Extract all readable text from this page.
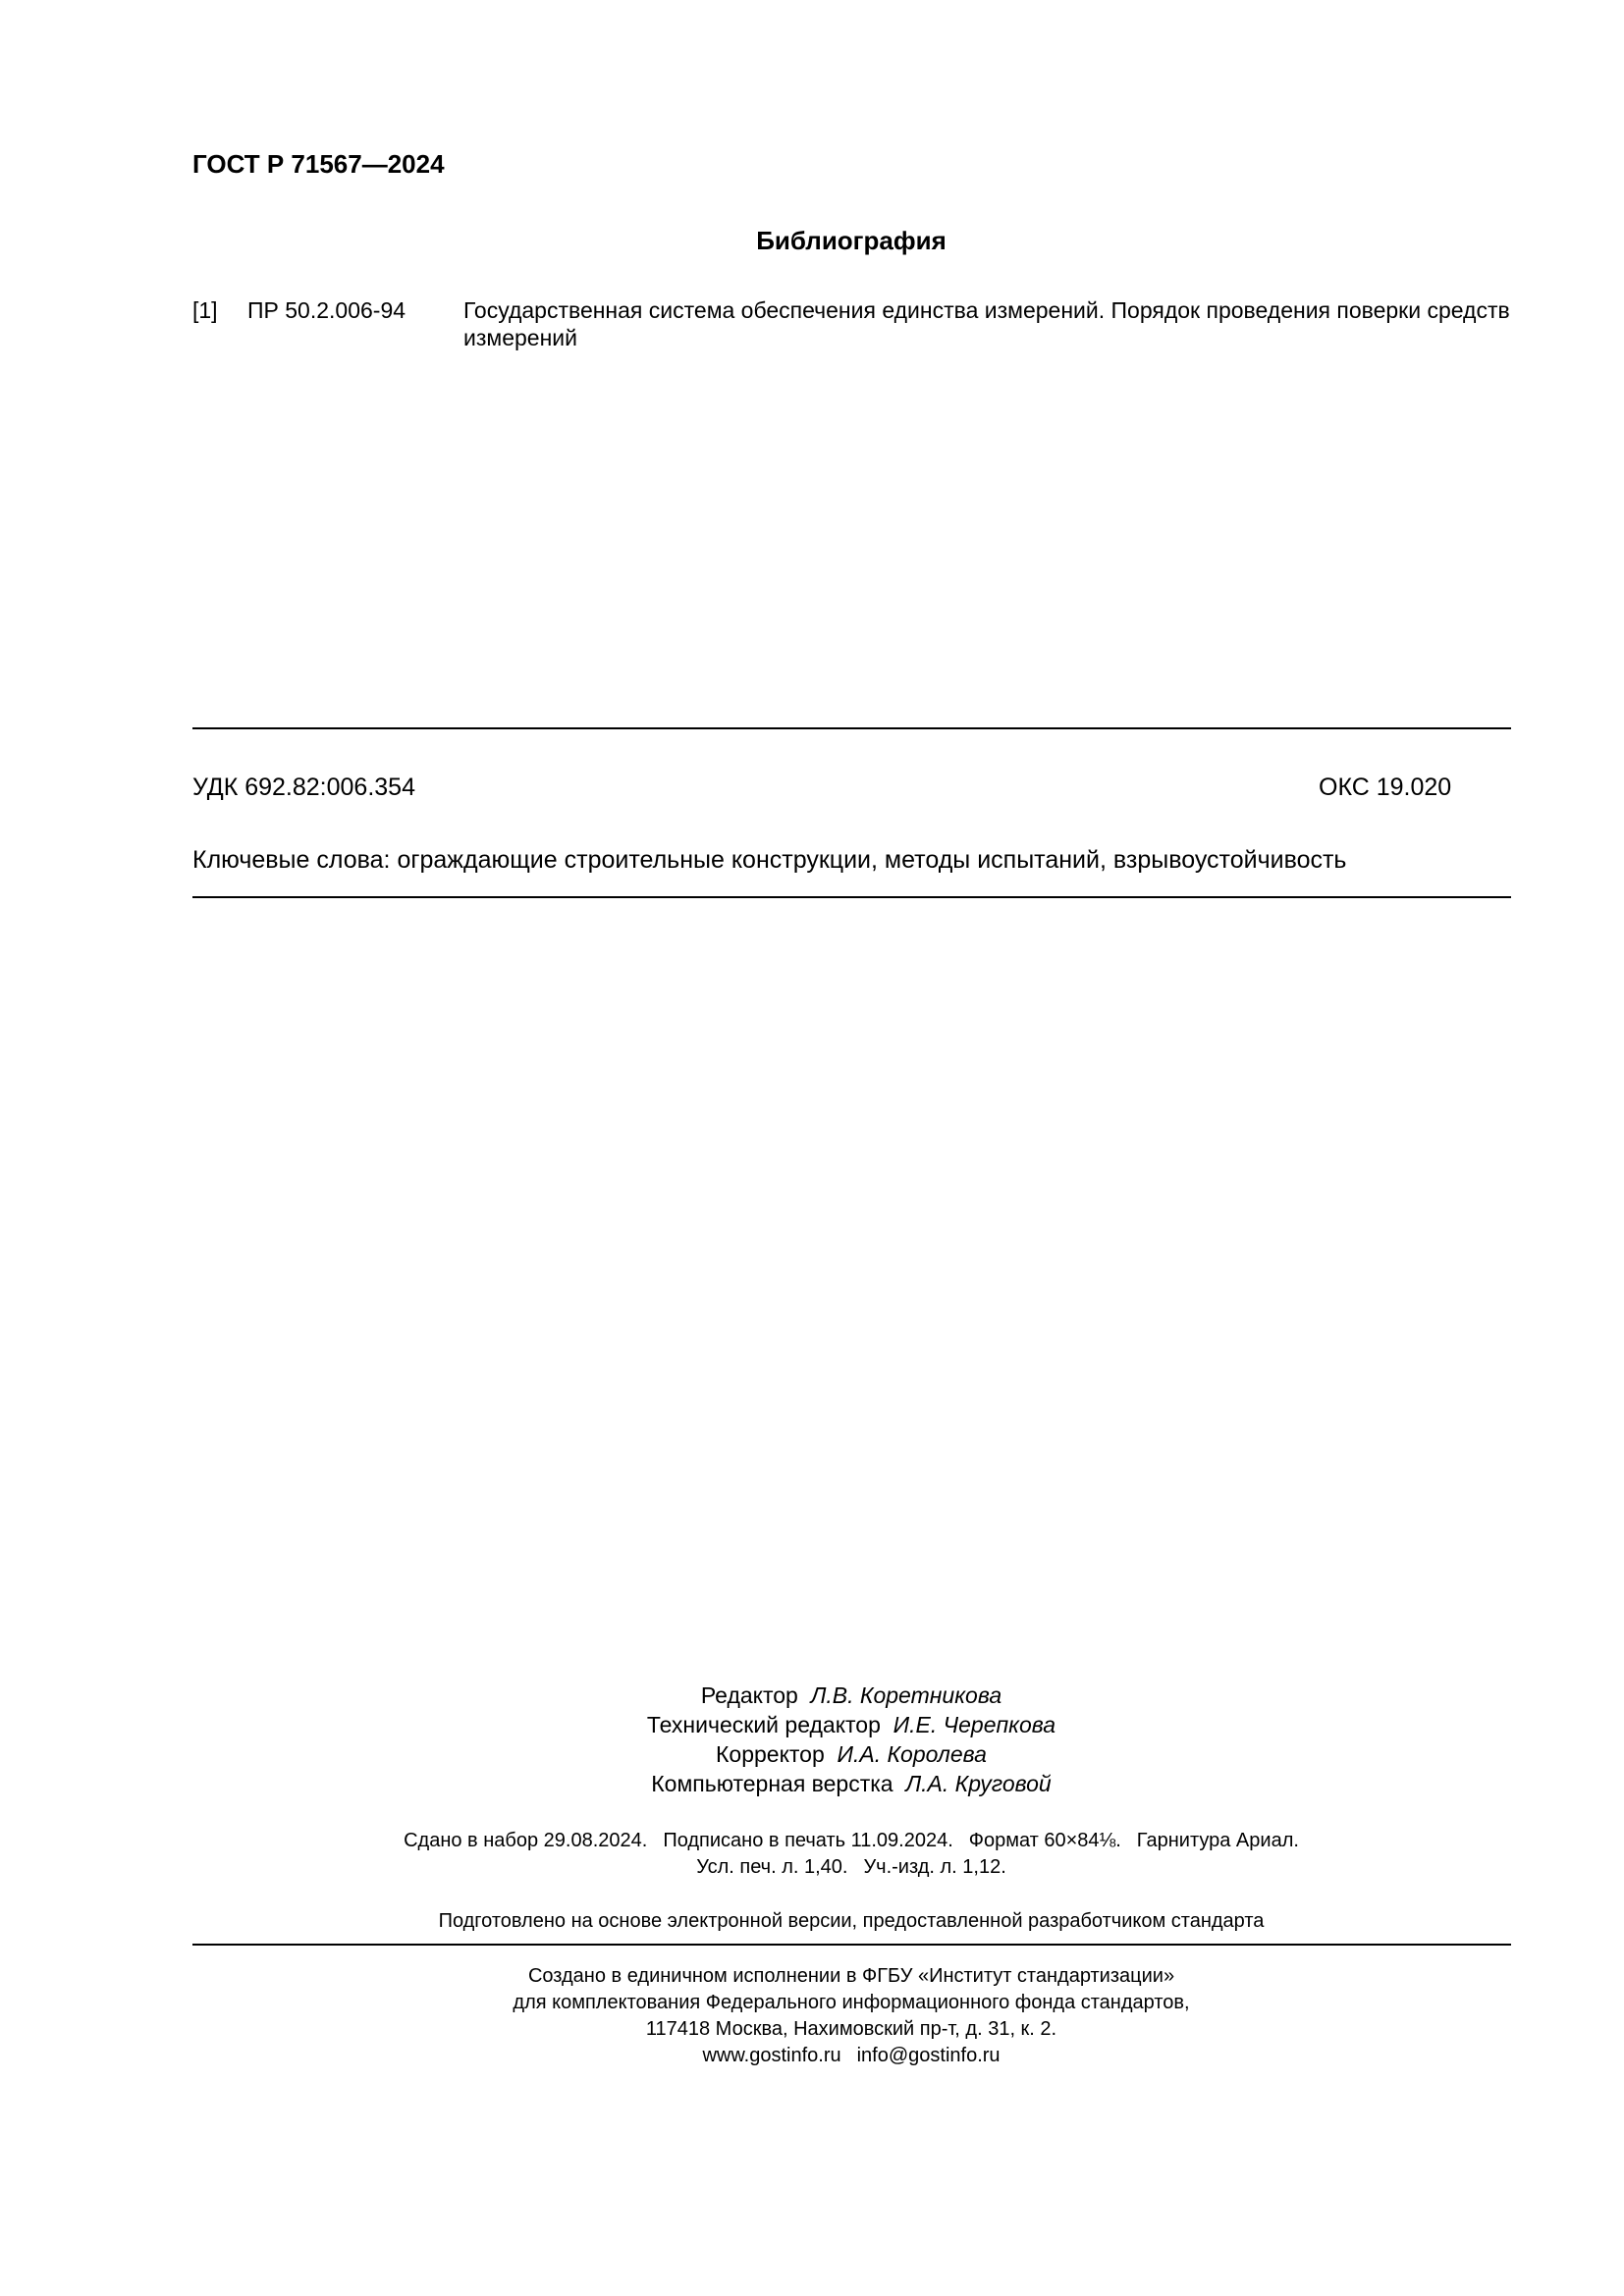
ГОСТ Р 71567—2024
Библиография
[1] ПР 50.2.006-94	Государственная система обеспечения единства измерений. Порядок проведения поверки средств измерений
УДК 692.82:006.354	ОКС 19.020
Ключевые слова: ограждающие строительные конструкции, методы испытаний, взрывоустойчивость
Редактор Л.В. Коретникова
Технический редактор И.Е. Черепкова
Корректор И.А. Королева
Компьютерная верстка Л.А. Круговой
Сдано в набор 29.08.2024. Подписано в печать 11.09.2024. Формат 60×84⅛. Гарнитура Ариал.
Усл. печ. л. 1,40. Уч.-изд. л. 1,12.
Подготовлено на основе электронной версии, предоставленной разработчиком стандарта
Создано в единичном исполнении в ФГБУ «Институт стандартизации»
для комплектования Федерального информационного фонда стандартов,
117418 Москва, Нахимовский пр-т, д. 31, к. 2.
www.gostinfo.ru info@gostinfo.ru
